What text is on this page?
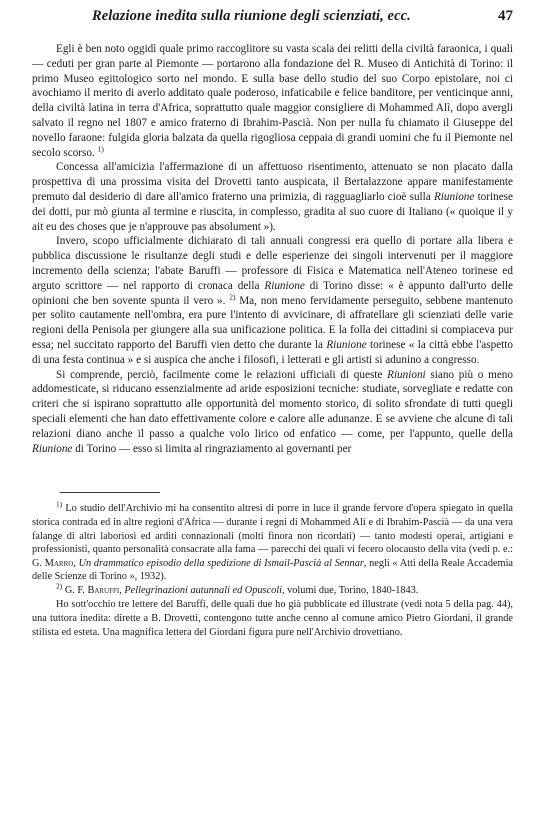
Relazione inedita sulla riunione degli scienziati, ecc.	47

Egli è ben noto oggidì quale primo raccoglitore su vasta scala dei relitti della civiltà faraonica, i quali — ceduti per gran parte al Piemonte — portarono alla fondazione del R. Museo di Antichità di Torino: il primo Museo egittologico sorto nel mondo. E sulla base dello studio del suo Corpo epistolare, noi ci avochiamo il merito di averlo additato quale poderoso, infaticabile e felice banditore, per venticinque anni, della civiltà latina in terra d'Africa, soprattutto quale maggior consigliere di Mohammed Alì, dopo avergli salvato il regno nel 1807 e amico fraterno di Ibrahim-Pascià. Non per nulla fu chiamato il Giuseppe del novello faraone: fulgida gloria balzata da quella rigogliosa ceppaia di grandi uomini che fu il Piemonte nel secolo scorso. $^{1)}$

Concessa all'amicizia l'affermazione di un affettuoso risentimento, attenuato se non placato dalla prospettiva di una prossima visita del Drovetti tanto auspicata, il Bertalazzone appare manifestamente premuto dal desiderio di dare all'amico fraterno una primizia, di ragguagliarlo cioè sulla Riunione torinese dei dotti, pur mò giunta al termine e riuscita, in complesso, gradita al suo cuore di Italiano (« quoique il y ait eu des choses que je n'approuve pas absolument »).

Invero, scopo ufficialmente dichiarato di tali annuali congressi era quello di portare alla libera e pubblica discussione le risultanze degli studi e delle esperienze dei singoli intervenuti per il maggiore incremento della scienza; l'abate Baruffi — professore di Fisica e Matematica nell'Ateneo torinese ed arguto scrittore — nel rapporto di cronaca della Riunione di Torino disse: « è appunto dall'urto delle opinioni che ben sovente spunta il vero ». $^{2)}$ Ma, non meno fervidamente perseguito, sebbene mantenuto per solito cautamente nell'ombra, era pure l'intento di avvicinare, di affratellare gli scienziati delle varie regioni della Penisola per giungere alla sua unificazione politica. E la folla dei cittadini si compiaceva pur essa; nel succitato rapporto del Baruffi vien detto che durante la Riunione torinese « la città ebbe l'aspetto di una festa continua » e si auspica che anche i filosofi, i letterati e gli artisti si adunino a congresso.

Si comprende, perciò, facilmente come le relazioni ufficiali di queste Riunioni siano più o meno addomesticate, si riducano essenzialmente ad aride esposizioni tecniche: studiate, sorvegliate e redatte con criteri che si ispirano soprattutto alle opportunità del momento storico, di solito sfrondate di tutti quegli speciali elementi che han dato effettivamente colore e calore alle adunanze. E se avviene che alcune di tali relazioni diano anche il passo a qualche volo lirico od enfatico — come, per l'appunto, quelle della Riunione di Torino — esso si limita al ringraziamento ai governanti per

$^{1)}$ Lo studio dell'Archivio mi ha consentito altresì di porre in luce il grande fervore d'opera spiegato in quella storica contrada ed in altre regioni d'Africa — durante i regni di Mohammed Alì e di Ibrahim-Pascià — da una vera falange di altri laboriosi ed arditi connazionali (molti finora non ricordati) — tanto modesti operai, artigiani e professionisti, quanto personalità consacrate alla fama — parecchi dei quali vi fecero olocausto della vita (vedi p. e.: G. Marro, Un drammatico episodio della spedizione di Ismail-Pascià al Sennar, negli « Atti della Reale Accademia delle Scienze di Torino », 1932).

$^{2)}$ G. F. Baruffi, Pellegrinazioni autunnali ed Opuscoli, volumi due, Torino, 1840-1843.

Ho sott'occhio tre lettere del Baruffi, delle quali due ho già pubblicate ed illustrate (vedi nota 5 della pag. 44), una tuttora inedita: dirette a B. Drovetti, contengono tutte anche cenno al comune amico Pietro Giordani, il grande stilista ed esteta. Una magnifica lettera del Giordani figura pure nell'Archivio drovettiano.
